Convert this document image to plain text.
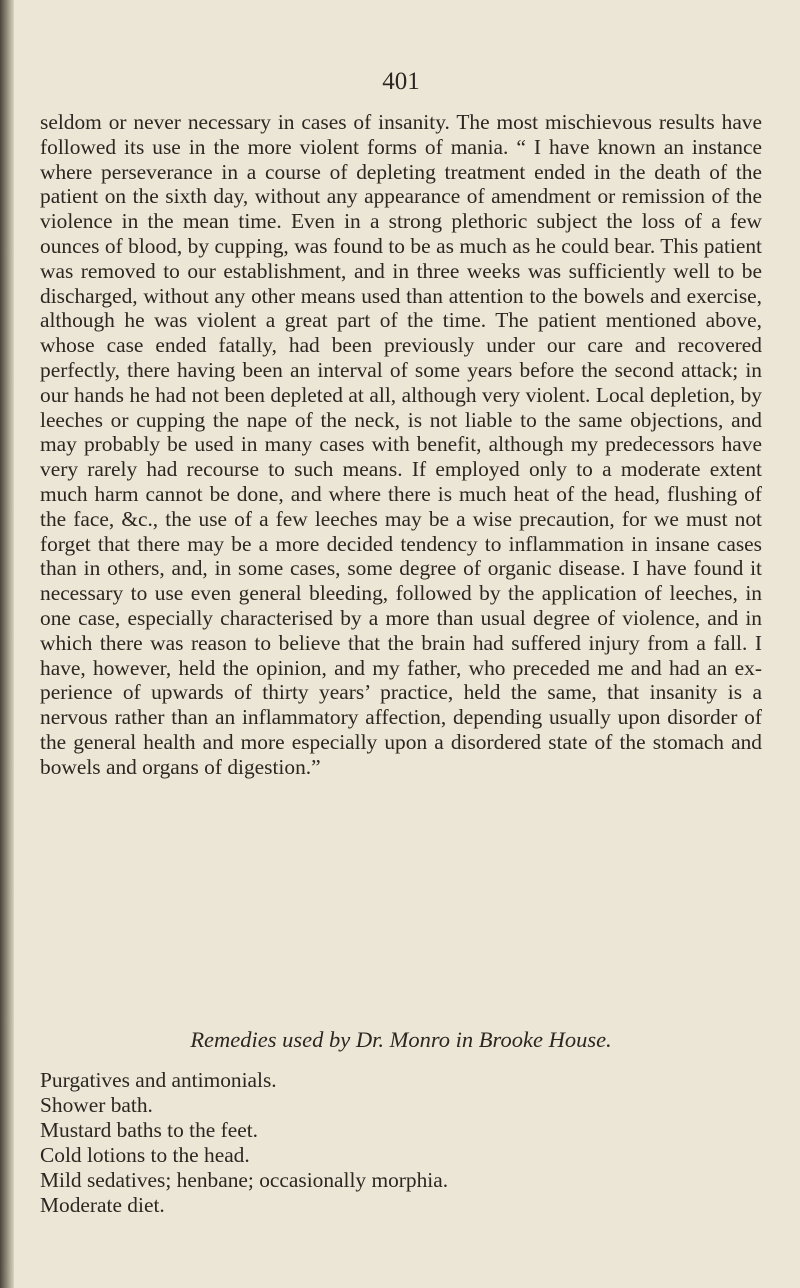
401

seldom or never necessary in cases of insanity. The most mischievous results have followed its use in the more violent forms of mania. “ I have known an instance where perseverance in a course of depleting treatment ended in the death of the patient on the sixth day, without any appearance of amendment or remission of the violence in the mean time. Even in a strong plethoric subject the loss of a few ounces of blood, by cupping, was found to be as much as he could bear. This patient was removed to our establishment, and in three weeks was sufficiently well to be discharged, without any other means used than attention to the bowels and exercise, although he was violent a great part of the time. The patient mentioned above, whose case ended fatally, had been previously under our care and recovered perfectly, there having been an interval of some years before the second attack; in our hands he had not been depleted at all, although very violent. Local depletion, by leeches or cupping the nape of the neck, is not liable to the same objections, and may probably be used in many cases with benefit, although my predecessors have very rarely had recourse to such means. If employed only to a moderate extent much harm cannot be done, and where there is much heat of the head, flushing of the face, &c., the use of a few leeches may be a wise precaution, for we must not forget that there may be a more decided tendency to inflammation in insane cases than in others, and, in some cases, some degree of organic disease. I have found it necessary to use even general bleeding, followed by the application of leeches, in one case, especially characterised by a more than usual degree of violence, and in which there was reason to believe that the brain had suffered injury from a fall. I have, however, held the opinion, and my father, who preceded me and had an experience of upwards of thirty years’ practice, held the same, that insanity is a nervous rather than an inflammatory affection, depending usually upon disorder of the general health and more especially upon a disordered state of the stomach and bowels and organs of digestion.”

Remedies used by Dr. Monro in Brooke House.

Purgatives and antimonials.
Shower bath.
Mustard baths to the feet.
Cold lotions to the head.
Mild sedatives; henbane; occasionally morphia.
Moderate diet.
